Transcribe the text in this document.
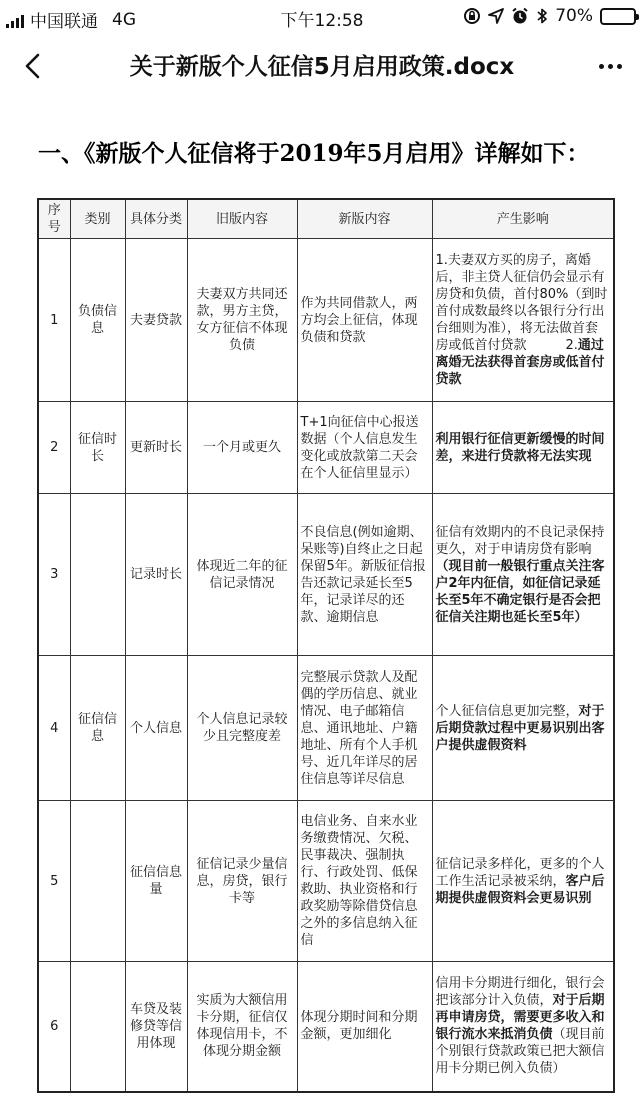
中国联通 4G	下午12:58	70%
关于新版个人征信5月启用政策.docx
一、《新版个人征信将于2019年5月启用》详解如下：
序号	类别	具体分类	旧版内容	新版内容	产生影响
1	负债信息	夫妻贷款	夫妻双方共同还款，男方主贷，女方征信不体现负债	作为共同借款人，两方均会上征信，体现负债和贷款	1.夫妻双方买的房子，离婚后，非主贷人征信仍会显示有房贷和负债，首付80%（到时首付成数最终以各银行分行出台细则为准），将无法做首套房或低首付贷款　　　2.通过离婚无法获得首套房或低首付贷款
2	征信时长	更新时长	一个月或更久	T+1向征信中心报送数据（个人信息发生变化或放款第二天会在个人征信里显示）	利用银行征信更新缓慢的时间差，来进行贷款将无法实现
3		记录时长	体现近二年的征信记录情况	不良信息(例如逾期、呆账等)自终止之日起保留5年。新版征信报告还款记录延长至5年，记录详尽的还款、逾期信息	征信有效期内的不良记录保持更久，对于申请房贷有影响（现目前一般银行重点关注客户2年内征信，如征信记录延长至5年不确定银行是否会把征信关注期也延长至5年）
4	征信信息	个人信息	个人信息记录较少且完整度差	完整展示贷款人及配偶的学历信息、就业情况、电子邮箱信息、通讯地址、户籍地址、所有个人手机号、近几年详尽的居住信息等详尽信息	个人征信信息更加完整，对于后期贷款过程中更易识别出客户提供虚假资料
5		征信信息量	征信记录少量信息，房贷，银行卡等	电信业务、自来水业务缴费情况、欠税、民事裁决、强制执行、行政处罚、低保救助、执业资格和行政奖励等除借贷信息之外的多信息纳入征信	征信记录多样化，更多的个人工作生活记录被采纳，客户后期提供虚假资料会更易识别
6		车贷及装修贷等信用体现	实质为大额信用卡分期，征信仅体现信用卡，不体现分期金额	体现分期时间和分期金额，更加细化	信用卡分期进行细化，银行会把该部分计入负债，对于后期再申请房贷，需要更多收入和银行流水来抵消负债（现目前个别银行贷款政策已把大额信用卡分期已例入负债）
